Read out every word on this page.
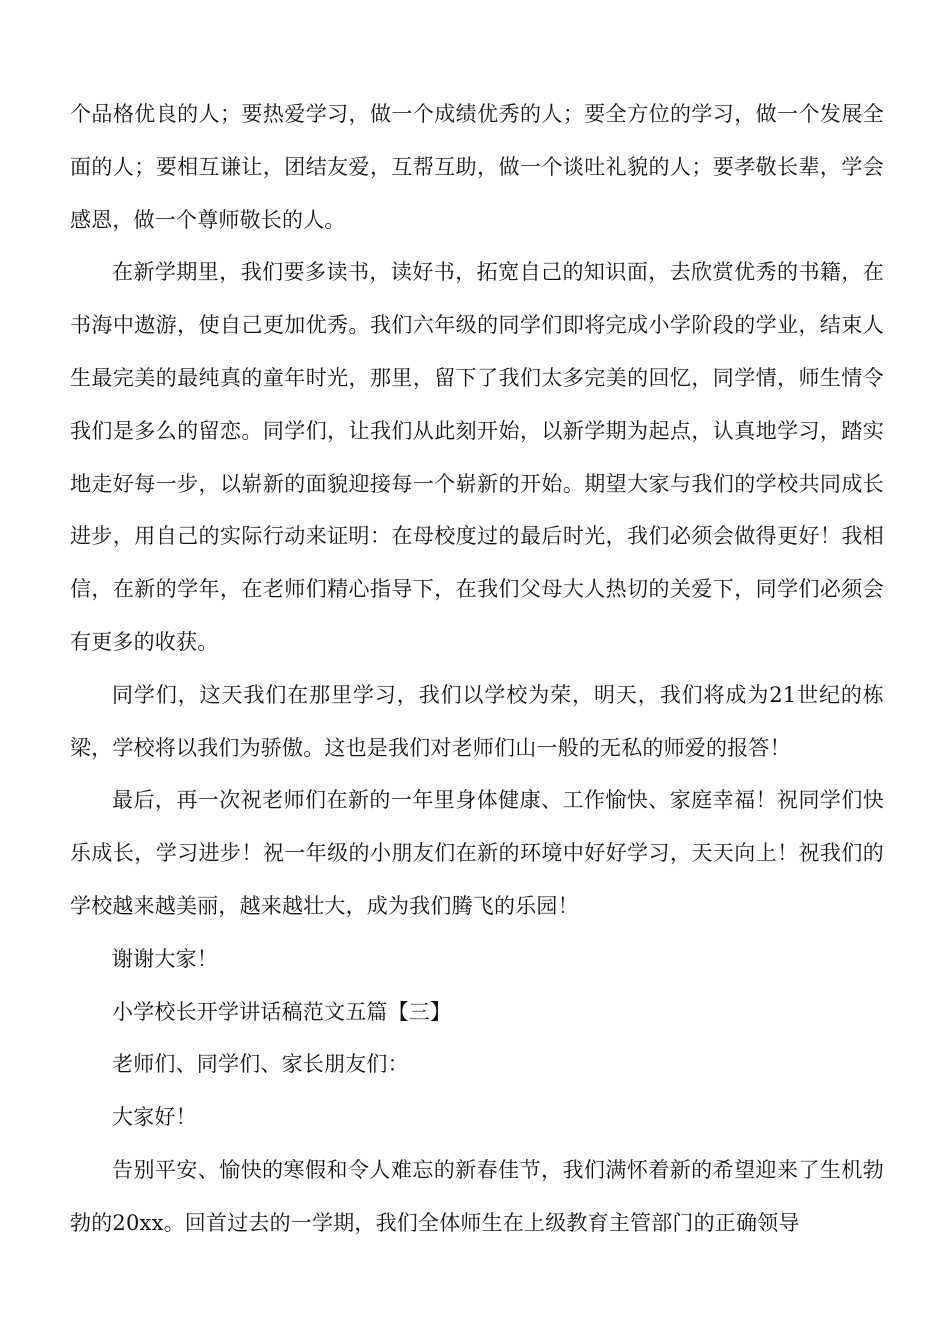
个品格优良的人；要热爱学习，做一个成绩优秀的人；要全方位的学习，做一个发展全面的人；要相互谦让，团结友爱，互帮互助，做一个谈吐礼貌的人；要孝敬长辈，学会感恩，做一个尊师敬长的人。

在新学期里，我们要多读书，读好书，拓宽自己的知识面，去欣赏优秀的书籍，在书海中遨游，使自己更加优秀。我们六年级的同学们即将完成小学阶段的学业，结束人生最完美的最纯真的童年时光，那里，留下了我们太多完美的回忆，同学情，师生情令我们是多么的留恋。同学们，让我们从此刻开始，以新学期为起点，认真地学习，踏实地走好每一步，以崭新的面貌迎接每一个崭新的开始。期望大家与我们的学校共同成长进步，用自己的实际行动来证明：在母校度过的最后时光，我们必须会做得更好！我相信，在新的学年，在老师们精心指导下，在我们父母大人热切的关爱下，同学们必须会有更多的收获。

同学们，这天我们在那里学习，我们以学校为荣，明天，我们将成为21世纪的栋梁，学校将以我们为骄傲。这也是我们对老师们山一般的无私的师爱的报答！

最后，再一次祝老师们在新的一年里身体健康、工作愉快、家庭幸福！祝同学们快乐成长，学习进步！祝一年级的小朋友们在新的环境中好好学习，天天向上！祝我们的学校越来越美丽，越来越壮大，成为我们腾飞的乐园！

谢谢大家！

小学校长开学讲话稿范文五篇【三】

老师们、同学们、家长朋友们：

大家好！

告别平安、愉快的寒假和令人难忘的新春佳节，我们满怀着新的希望迎来了生机勃勃的20xx。回首过去的一学期，我们全体师生在上级教育主管部门的正确领导
